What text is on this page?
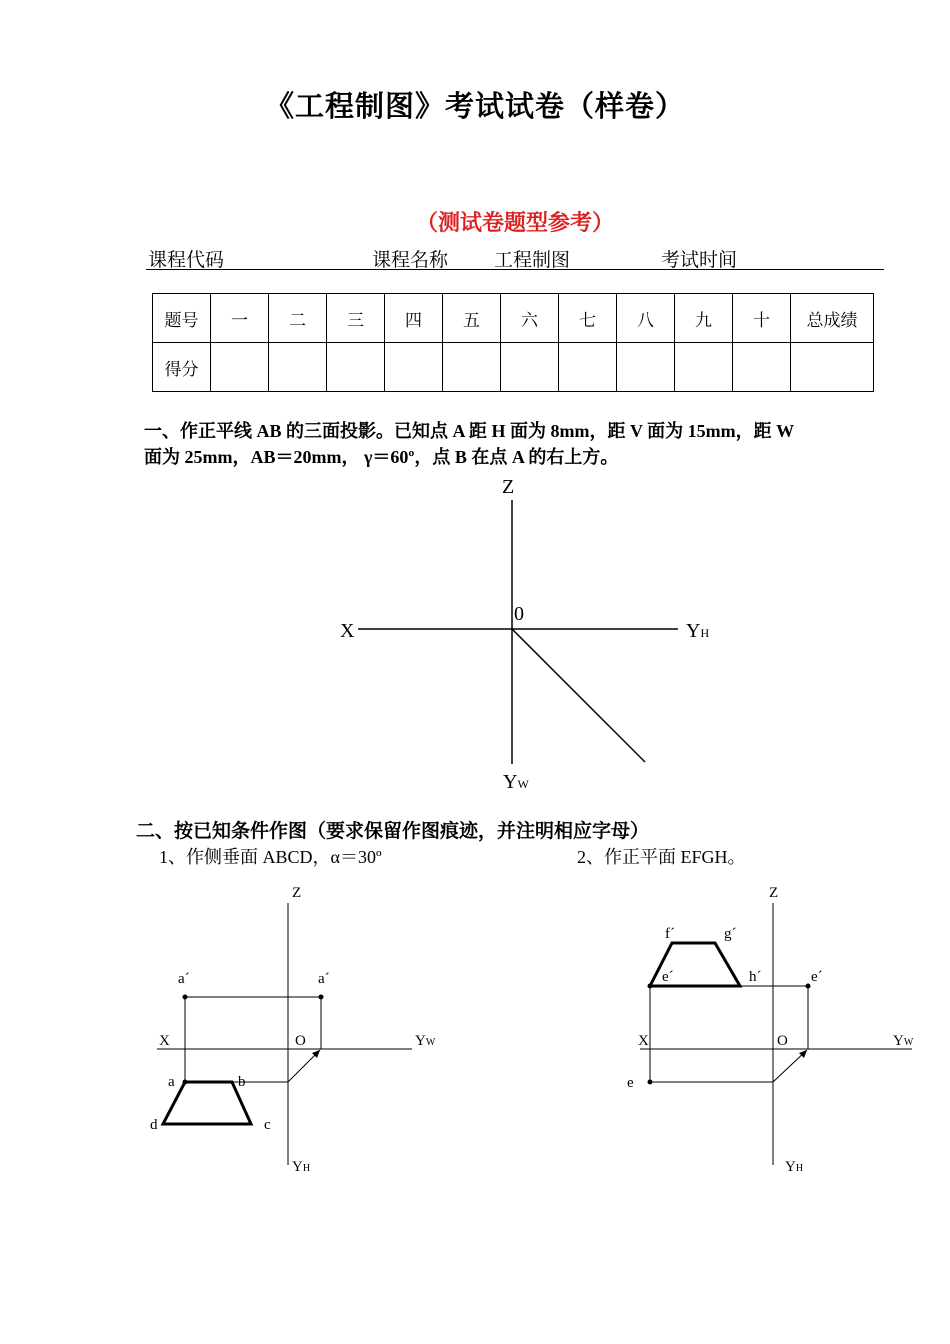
《工程制图》考试试卷（样卷）
（测试卷题型参考）
课程代码	课程名称 工程制图	考试时间
题号	一	二	三	四	五	六	七	八	九	十	总成绩
得分											
一、作正平线 AB 的三面投影。已知点 A 距 H 面为 8mm，距 V 面为 15mm，距 W
面为 25mm，AB＝20mm， γ＝60º，点 B 在点 A 的右上方。
Z
X
0
YH
YW
Z
X	O	YW
YH
a´	a´
a	b
c
d
Z
X	O	YW
YH
f´	g´
e´	h´	e´
e
二、按已知条件作图（要求保留作图痕迹，并注明相应字母）
1、作侧垂面 ABCD，α＝30º	2、作正平面 EFGH。
